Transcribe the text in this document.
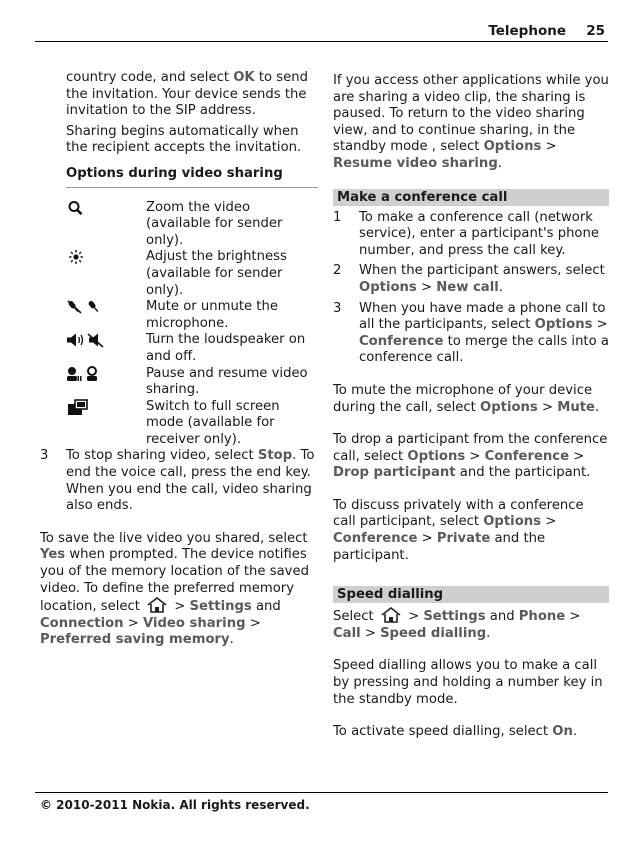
Telephone 25

country code, and select OK to send the invitation. Your device sends the invitation to the SIP address.

Sharing begins automatically when the recipient accepts the invitation.

Options during video sharing

Zoom the video (available for sender only).
Adjust the brightness (available for sender only).
Mute or unmute the microphone.
Turn the loudspeaker on and off.
Pause and resume video sharing.
Switch to full screen mode (available for receiver only).
3	To stop sharing video, select Stop. To end the voice call, press the end key. When you end the call, video sharing also ends.

To save the live video you shared, select Yes when prompted. The device notifies you of the memory location of the saved video. To define the preferred memory location, select  > Settings and Connection > Video sharing > Preferred saving memory.

If you access other applications while you are sharing a video clip, the sharing is paused. To return to the video sharing view, and to continue sharing, in the standby mode , select Options > Resume video sharing.

Make a conference call
1	To make a conference call (network service), enter a participant's phone number, and press the call key.
2	When the participant answers, select Options > New call.
3	When you have made a phone call to all the participants, select Options > Conference to merge the calls into a conference call.

To mute the microphone of your device during the call, select Options > Mute.

To drop a participant from the conference call, select Options > Conference > Drop participant and the participant.

To discuss privately with a conference call participant, select Options > Conference > Private and the participant.

Speed dialling

Select  > Settings and Phone > Call > Speed dialling.

Speed dialling allows you to make a call by pressing and holding a number key in the standby mode.

To activate speed dialling, select On.

© 2010-2011 Nokia. All rights reserved.
